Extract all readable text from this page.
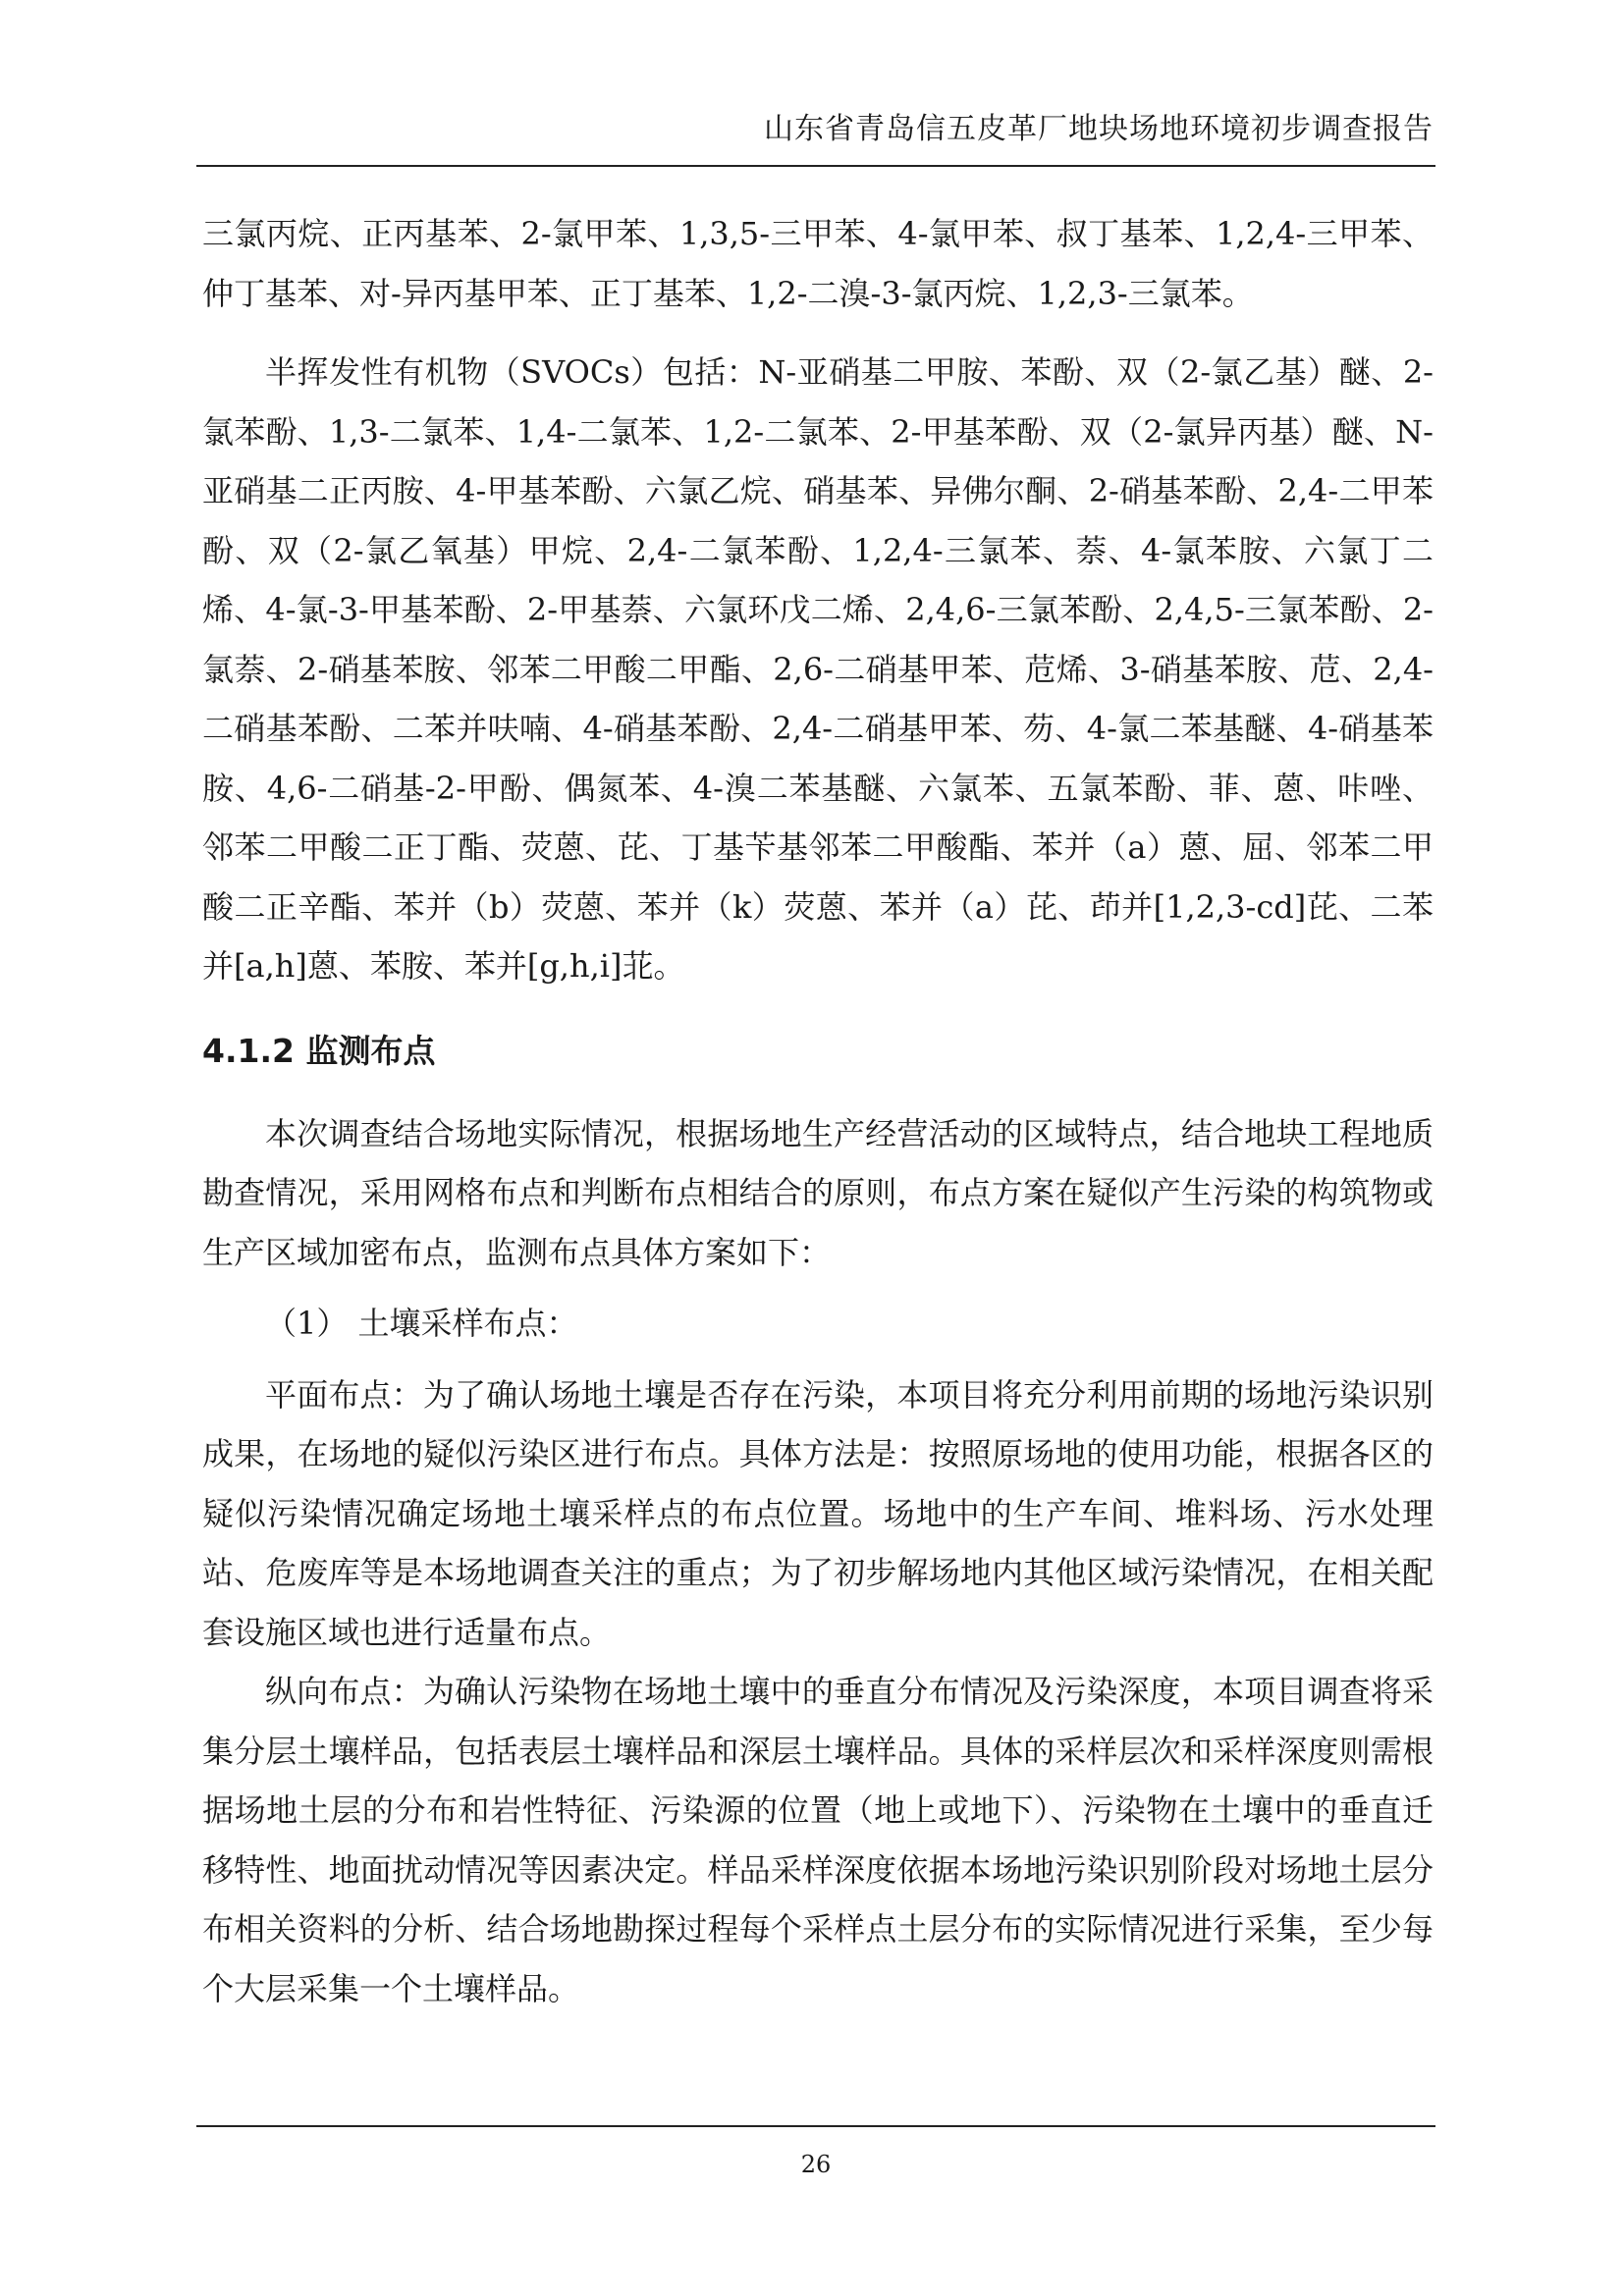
山东省青岛信五皮革厂地块场地环境初步调查报告

三氯丙烷、正丙基苯、2-氯甲苯、1,3,5-三甲苯、4-氯甲苯、叔丁基苯、1,2,4-三甲苯、仲丁基苯、对-异丙基甲苯、正丁基苯、1,2-二溴-3-氯丙烷、1,2,3-三氯苯。

半挥发性有机物（SVOCs）包括：N-亚硝基二甲胺、苯酚、双（2-氯乙基）醚、2-氯苯酚、1,3-二氯苯、1,4-二氯苯、1,2-二氯苯、2-甲基苯酚、双（2-氯异丙基）醚、N-亚硝基二正丙胺、4-甲基苯酚、六氯乙烷、硝基苯、异佛尔酮、2-硝基苯酚、2,4-二甲苯酚、双（2-氯乙氧基）甲烷、2,4-二氯苯酚、1,2,4-三氯苯、萘、4-氯苯胺、六氯丁二烯、4-氯-3-甲基苯酚、2-甲基萘、六氯环戊二烯、2,4,6-三氯苯酚、2,4,5-三氯苯酚、2-氯萘、2-硝基苯胺、邻苯二甲酸二甲酯、2,6-二硝基甲苯、苊烯、3-硝基苯胺、苊、2,4-二硝基苯酚、二苯并呋喃、4-硝基苯酚、2,4-二硝基甲苯、芴、4-氯二苯基醚、4-硝基苯胺、4,6-二硝基-2-甲酚、偶氮苯、4-溴二苯基醚、六氯苯、五氯苯酚、菲、蒽、咔唑、邻苯二甲酸二正丁酯、荧蒽、芘、丁基苄基邻苯二甲酸酯、苯并（a）蒽、屈、邻苯二甲酸二正辛酯、苯并（b）荧蒽、苯并（k）荧蒽、苯并（a）芘、茚并[1,2,3-cd]芘、二苯并[a,h]蒽、苯胺、苯并[g,h,i]苝。

4.1.2 监测布点

本次调查结合场地实际情况，根据场地生产经营活动的区域特点，结合地块工程地质勘查情况，采用网格布点和判断布点相结合的原则，布点方案在疑似产生污染的构筑物或生产区域加密布点，监测布点具体方案如下：

（1） 土壤采样布点：

平面布点：为了确认场地土壤是否存在污染，本项目将充分利用前期的场地污染识别成果，在场地的疑似污染区进行布点。具体方法是：按照原场地的使用功能，根据各区的疑似污染情况确定场地土壤采样点的布点位置。场地中的生产车间、堆料场、污水处理站、危废库等是本场地调查关注的重点；为了初步解场地内其他区域污染情况，在相关配套设施区域也进行适量布点。

纵向布点：为确认污染物在场地土壤中的垂直分布情况及污染深度，本项目调查将采集分层土壤样品，包括表层土壤样品和深层土壤样品。具体的采样层次和采样深度则需根据场地土层的分布和岩性特征、污染源的位置（地上或地下）、污染物在土壤中的垂直迁移特性、地面扰动情况等因素决定。样品采样深度依据本场地污染识别阶段对场地土层分布相关资料的分析、结合场地勘探过程每个采样点土层分布的实际情况进行采集，至少每个大层采集一个土壤样品。

26
